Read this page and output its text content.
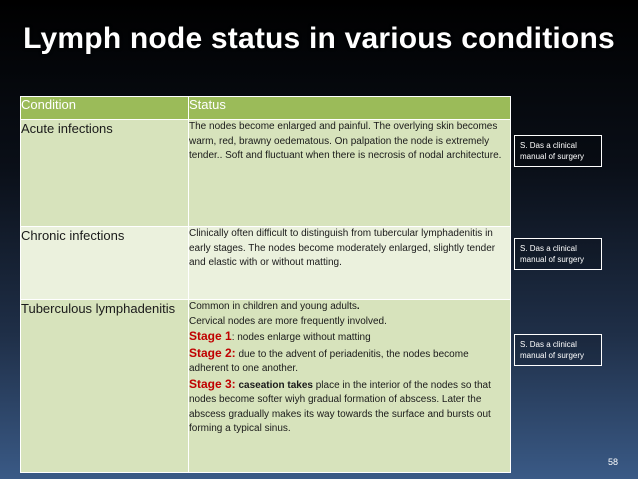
Lymph node status in various conditions
Condition	Status
Acute infections	The nodes become enlarged and painful. The overlying skin becomes warm, red, brawny oedematous. On palpation the node is extremely tender.. Soft and fluctuant when there is necrosis of nodal architecture.
Chronic infections	Clinically often difficult to distinguish from tubercular lymphadenitis in early stages. The nodes become moderately enlarged, slightly tender and elastic with or without matting.
Tuberculous lymphadenitis	Common in children and young adults.
Cervical nodes are more frequently involved.
Stage 1: nodes enlarge without matting
Stage 2: due to the advent of periadenitis, the nodes become adherent to one another.
Stage 3: caseation takes place in the interior of the nodes so that nodes become softer wiyh gradual formation of abscess. Later the abscess gradually makes its way towards the surface and bursts out forming a typical sinus.
S. Das a clinical manual of surgery
S. Das a clinical manual of surgery
S. Das a clinical manual of surgery
58
